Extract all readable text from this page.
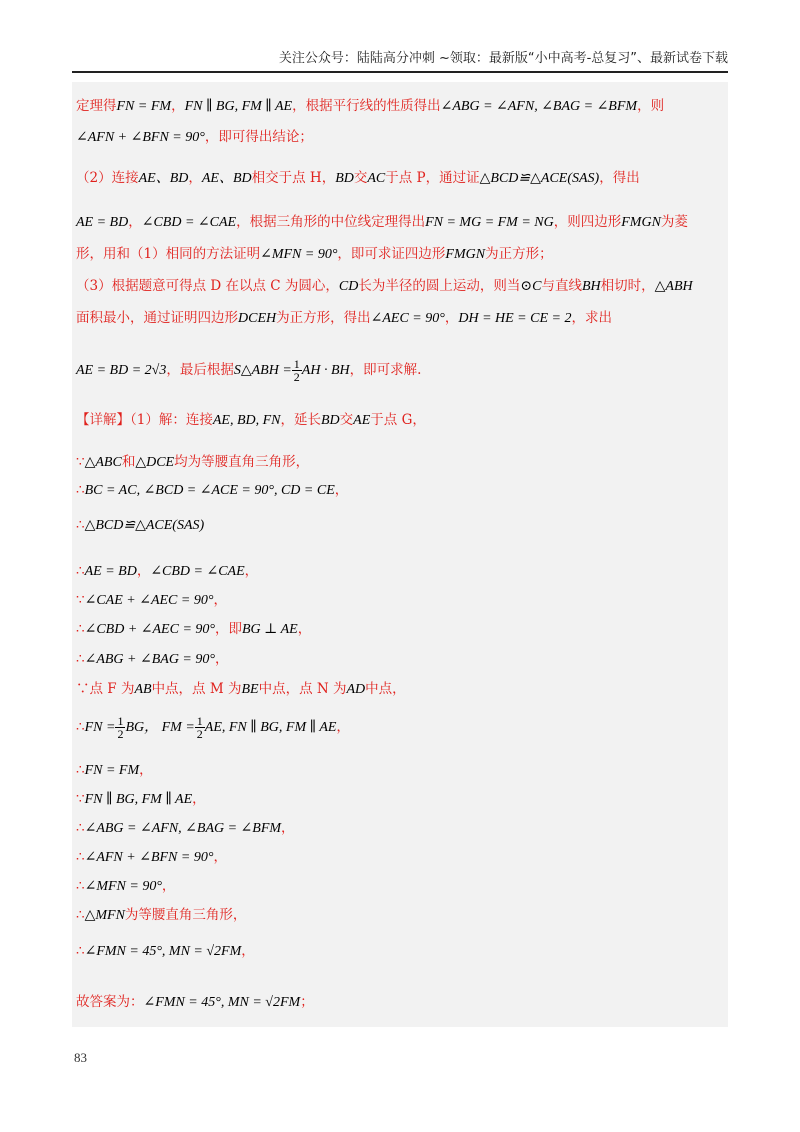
关注公众号：陆陆高分冲刺 ~领取：最新版“小中高考-总复习”、最新试卷下载
定理得FN = FM，FN ∥ BG, FM ∥ AE，根据平行线的性质得出∠ABG = ∠AFN, ∠BAG = ∠BFM，则
∠AFN + ∠BFN = 90°，即可得出结论；
（2）连接AE、BD，AE、BD相交于点 H，BD交AC于点 P，通过证△BCD≌△ACE(SAS)，得出
AE = BD，∠CBD = ∠CAE，根据三角形的中位线定理得出FN = MG = FM = NG，则四边形FMGN为菱
形，用和（1）相同的方法证明∠MFN = 90°，即可求证四边形FMGN为正方形；
（3）根据题意可得点 D 在以点 C 为圆心，CD长为半径的圆上运动，则当⊙C与直线BH相切时，△ABH
面积最小，通过证明四边形DCEH为正方形，得出∠AEC = 90°，DH = HE = CE = 2，求出
AE = BD = 2√3，最后根据S△ABH = $\frac{1}{2}$ AH · BH，即可求解.
【详解】（1）解：连接AE, BD, FN，延长BD交AE于点 G，
∵△ABC和△DCE均为等腰直角三角形，
∴BC = AC, ∠BCD = ∠ACE = 90°, CD = CE，
∴△BCD≌△ACE(SAS)
∴AE = BD，∠CBD = ∠CAE，
∵∠CAE + ∠AEC = 90°，
∴∠CBD + ∠AEC = 90°，即BG ⊥ AE，
∴∠ABG + ∠BAG = 90°，
∵点 F 为AB中点，点 M 为BE中点，点 N 为AD中点，
∴FN = $\frac{1}{2}$ BG， FM = $\frac{1}{2}$ AE, FN ∥ BG, FM ∥ AE，
∴FN = FM，
∵FN ∥ BG, FM ∥ AE，
∴∠ABG = ∠AFN, ∠BAG = ∠BFM，
∴∠AFN + ∠BFN = 90°，
∴∠MFN = 90°，
∴△MFN为等腰直角三角形，
∴∠FMN = 45°, MN = √2FM，
故答案为：∠FMN = 45°, MN = √2FM；
83
